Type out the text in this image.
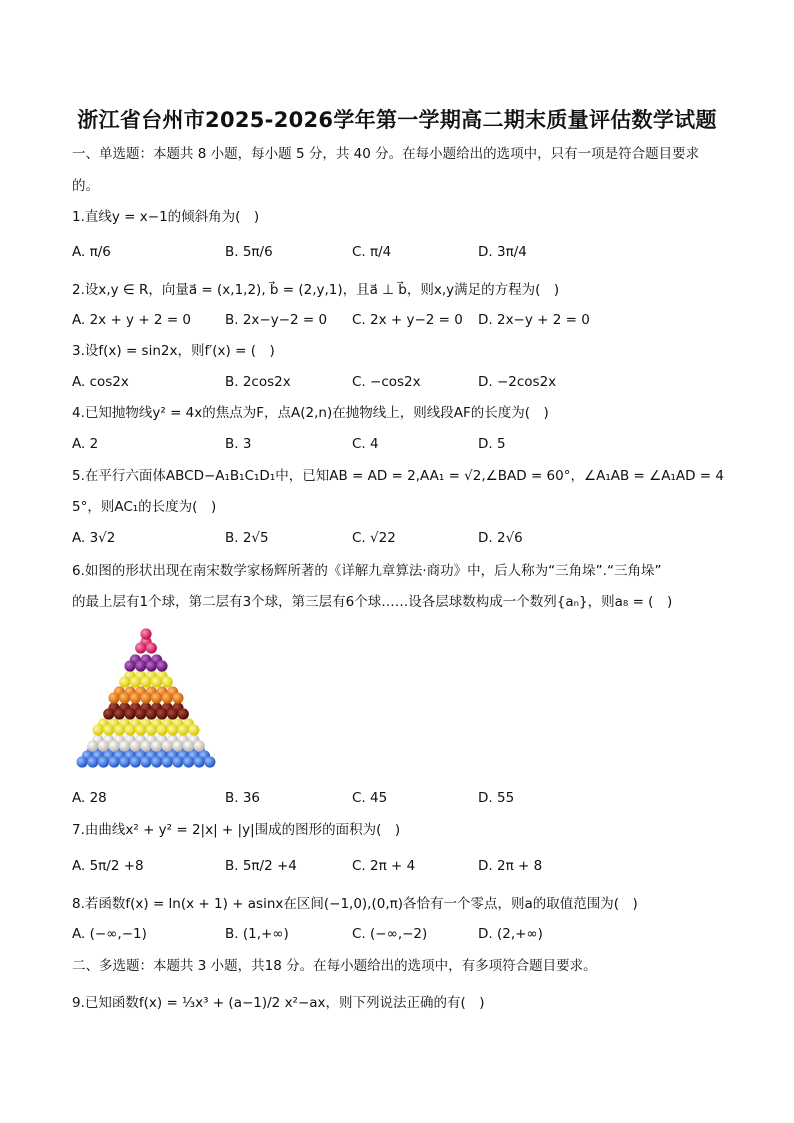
浙江省台州市2025-2026学年第一学期高二期末质量评估数学试题
一、单选题：本题共 8 小题，每小题 5 分，共 40 分。在每小题给出的选项中，只有一项是符合题目要求
的。
1.直线y = x−1的倾斜角为(　)
A. π/6	B. 5π/6	C. π/4	D. 3π/4
2.设x,y ∈ R，向量a⃗ = (x,1,2), b⃗ = (2,y,1)，且a⃗ ⊥ b⃗，则x,y满足的方程为(　)
A. 2x + y + 2 = 0	B. 2x−y−2 = 0 C. 2x + y−2 = 0 D. 2x−y + 2 = 0
3.设f(x) = sin2x，则f′(x) = (　)
A. cos2x	B. 2cos2x	C. −cos2x	D. −2cos2x
4.已知抛物线y² = 4x的焦点为F，点A(2,n)在抛物线上，则线段AF的长度为(　)
A. 2	B. 3	C. 4	D. 5
5.在平行六面体ABCD−A₁B₁C₁D₁中，已知AB = AD = 2,AA₁ = √2,∠BAD = 60°，∠A₁AB = ∠A₁AD = 4
5°，则AC₁的长度为(　)
A. 3√2	B. 2√5	C. √22	D. 2√6
6.如图的形状出现在南宋数学家杨辉所著的《详解九章算法·商功》中，后人称为“三角垛”.“三角垛”
的最上层有1个球，第二层有3个球，第三层有6个球……设各层球数构成一个数列{aₙ}，则a₈ = (　)
A. 28	B. 36	C. 45	D. 55
7.由曲线x² + y² = 2|x| + |y|围成的图形的面积为(　)
A. 5π/2 +8	B. 5π/2 +4	C. 2π + 4	D. 2π + 8
8.若函数f(x) = ln(x + 1) + asinx在区间(−1,0),(0,π)各恰有一个零点，则a的取值范围为(　)
A. (−∞,−1)	B. (1,+∞)	C. (−∞,−2)	D. (2,+∞)
二、多选题：本题共 3 小题，共18 分。在每小题给出的选项中，有多项符合题目要求。
9.已知函数f(x) = ⅓x³ + (a−1)/2 x²−ax，则下列说法正确的有(　)
